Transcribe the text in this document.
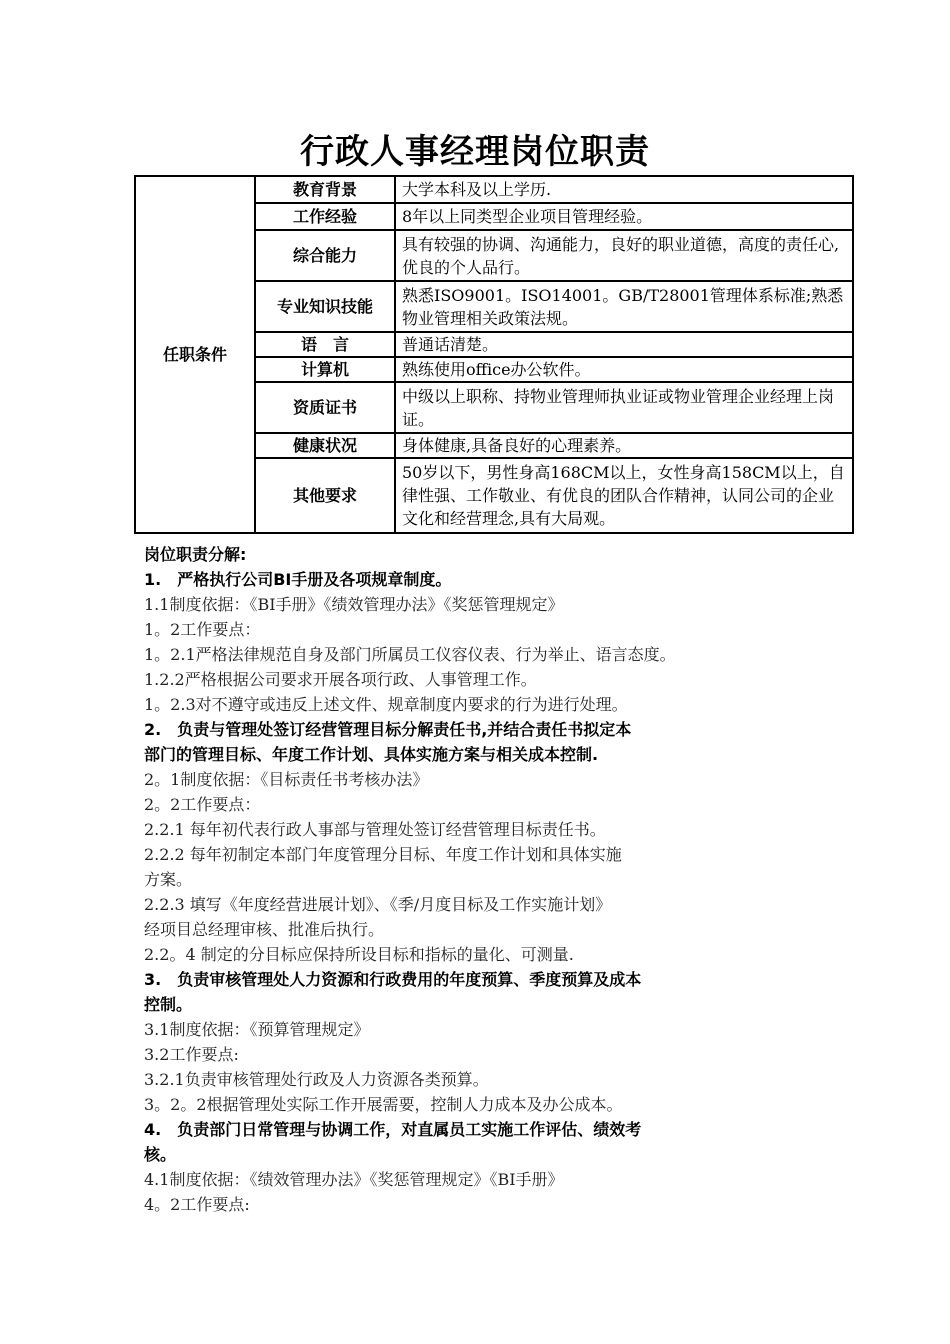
行政人事经理岗位职责
任职条件	教育背景	大学本科及以上学历.
	工作经验	8年以上同类型企业项目管理经验。
	综合能力	具有较强的协调、沟通能力，良好的职业道德，高度的责任心,优良的个人品行。
	专业知识技能	熟悉ISO9001。ISO14001。GB/T28001管理体系标准;熟悉物业管理相关政策法规。
	语　言	普通话清楚。
	计算机	熟练使用office办公软件。
	资质证书	中级以上职称、持物业管理师执业证或物业管理企业经理上岗证。
	健康状况	身体健康,具备良好的心理素养。
	其他要求	50岁以下，男性身高168CM以上，女性身高158CM以上，自律性强、工作敬业、有优良的团队合作精神，认同公司的企业文化和经营理念,具有大局观。

岗位职责分解:

1.　严格执行公司BI手册及各项规章制度。

1.1制度依据：《BI手册》《绩效管理办法》《奖惩管理规定》

1。2工作要点：

1。2.1严格法律规范自身及部门所属员工仪容仪表、行为举止、语言态度。

1.2.2严格根据公司要求开展各项行政、人事管理工作。

1。2.3对不遵守或违反上述文件、规章制度内要求的行为进行处理。

2.　负责与管理处签订经营管理目标分解责任书,并结合责任书拟定本

部门的管理目标、年度工作计划、具体实施方案与相关成本控制.

2。1制度依据：《目标责任书考核办法》

2。2工作要点：

2.2.1 每年初代表行政人事部与管理处签订经营管理目标责任书。

2.2.2 每年初制定本部门年度管理分目标、年度工作计划和具体实施

方案。

2.2.3 填写《年度经营进展计划》、《季/月度目标及工作实施计划》

经项目总经理审核、批准后执行。

2.2。4 制定的分目标应保持所设目标和指标的量化、可测量.

3.　负责审核管理处人力资源和行政费用的年度预算、季度预算及成本

控制。

3.1制度依据：《预算管理规定》

3.2工作要点:

3.2.1负责审核管理处行政及人力资源各类预算。

3。2。2根据管理处实际工作开展需要，控制人力成本及办公成本。

4.　负责部门日常管理与协调工作，对直属员工实施工作评估、绩效考

核。

4.1制度依据：《绩效管理办法》《奖惩管理规定》《BI手册》

4。2工作要点:
